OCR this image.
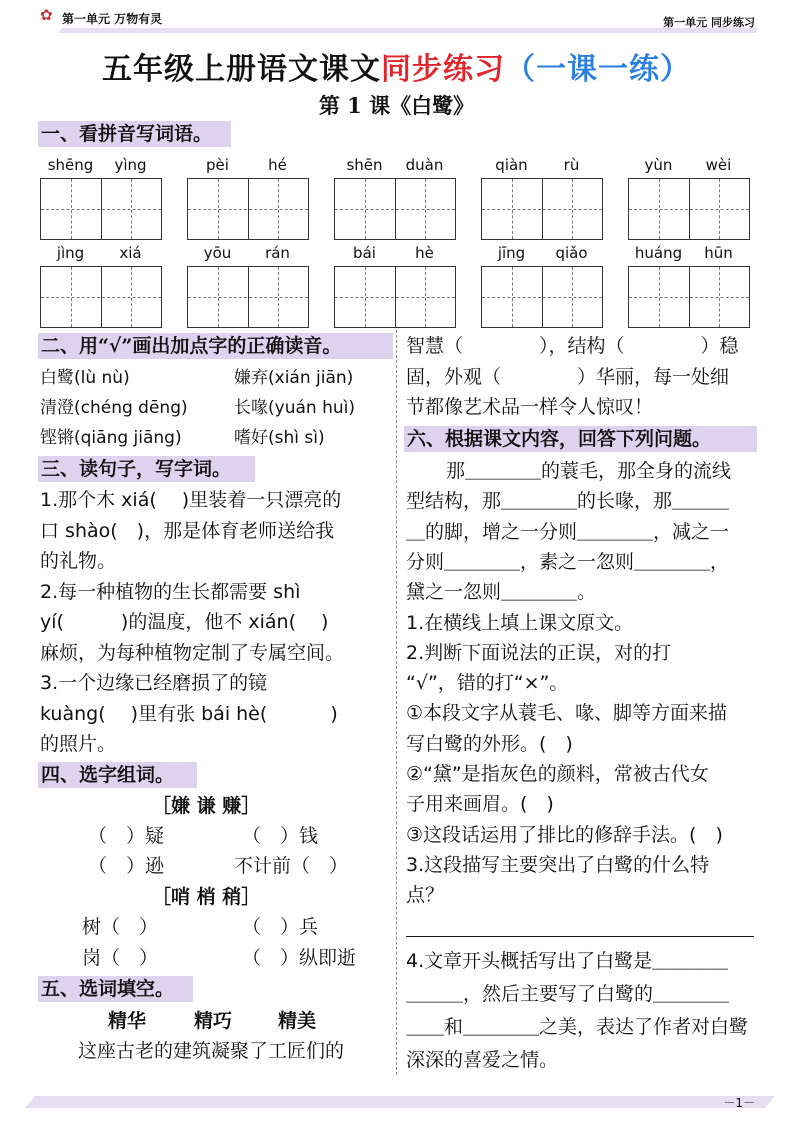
✿ 第一单元 万物有灵	第一单元 同步练习
五年级上册语文课文同步练习（一课一练）
第 1 课《白鹭》
一、看拼音写词语。
shēng	yìng	pèi	hé	shēn	duàn	qiàn	rù	yùn	wèi
jìng	xiá	yōu	rán	bái	hè	jīng	qiǎo	huáng	hūn
二、用“√”画出加点字的正确读音。
白鹭(lù nù)	嫌弃(xián jiān)
清澄(chéng dēng)	长喙(yuán huì)
铿锵(qiāng jiāng)	嗜好(shì sì)
三、读句子，写字词。
1.那个木 xiá(　 )里装着一只漂亮的
口 shào(　)，那是体育老师送给我
的礼物。
2.每一种植物的生长都需要 shì
yí(　　　)的温度，他不 xián(　 )
麻烦，为每种植物定制了专属空间。
3.一个边缘已经磨损了的镜
kuàng(　 )里有张 bái hè(　　　 )
的照片。
四、选字组词。
［嫌 谦 赚］
（　）疑	（　）钱
（　）逊	不计前（　）
［哨 梢 稍］
树（　）	（　）兵
岗（　）	（　）纵即逝
五、选词填空。
精华	精巧 精美
这座古老的建筑凝聚了工匠们的
智慧（　　　　），结构（　　　　）稳
固，外观（　　　　）华丽，每一处细
节都像艺术品一样令人惊叹！
六、根据课文内容，回答下列问题。
那＿＿＿＿的蓑毛，那全身的流线
型结构，那＿＿＿＿的长喙，那＿＿＿
＿的脚，增之一分则＿＿＿＿，减之一
分则＿＿＿＿，素之一忽则＿＿＿＿，
黛之一忽则＿＿＿＿。
1.在横线上填上课文原文。
2.判断下面说法的正误，对的打
“√”，错的打“×”。
①本段文字从蓑毛、喙、脚等方面来描
写白鹭的外形。(　)
②“黛”是指灰色的颜料，常被古代女
子用来画眉。(　)
③这段话运用了排比的修辞手法。(　)
3.这段描写主要突出了白鹭的什么特
点？
4.文章开头概括写出了白鹭是＿＿＿＿
＿＿＿，然后主要写了白鹭的＿＿＿＿
＿＿和＿＿＿＿之美，表达了作者对白鹭
深深的喜爱之情。
－1－
